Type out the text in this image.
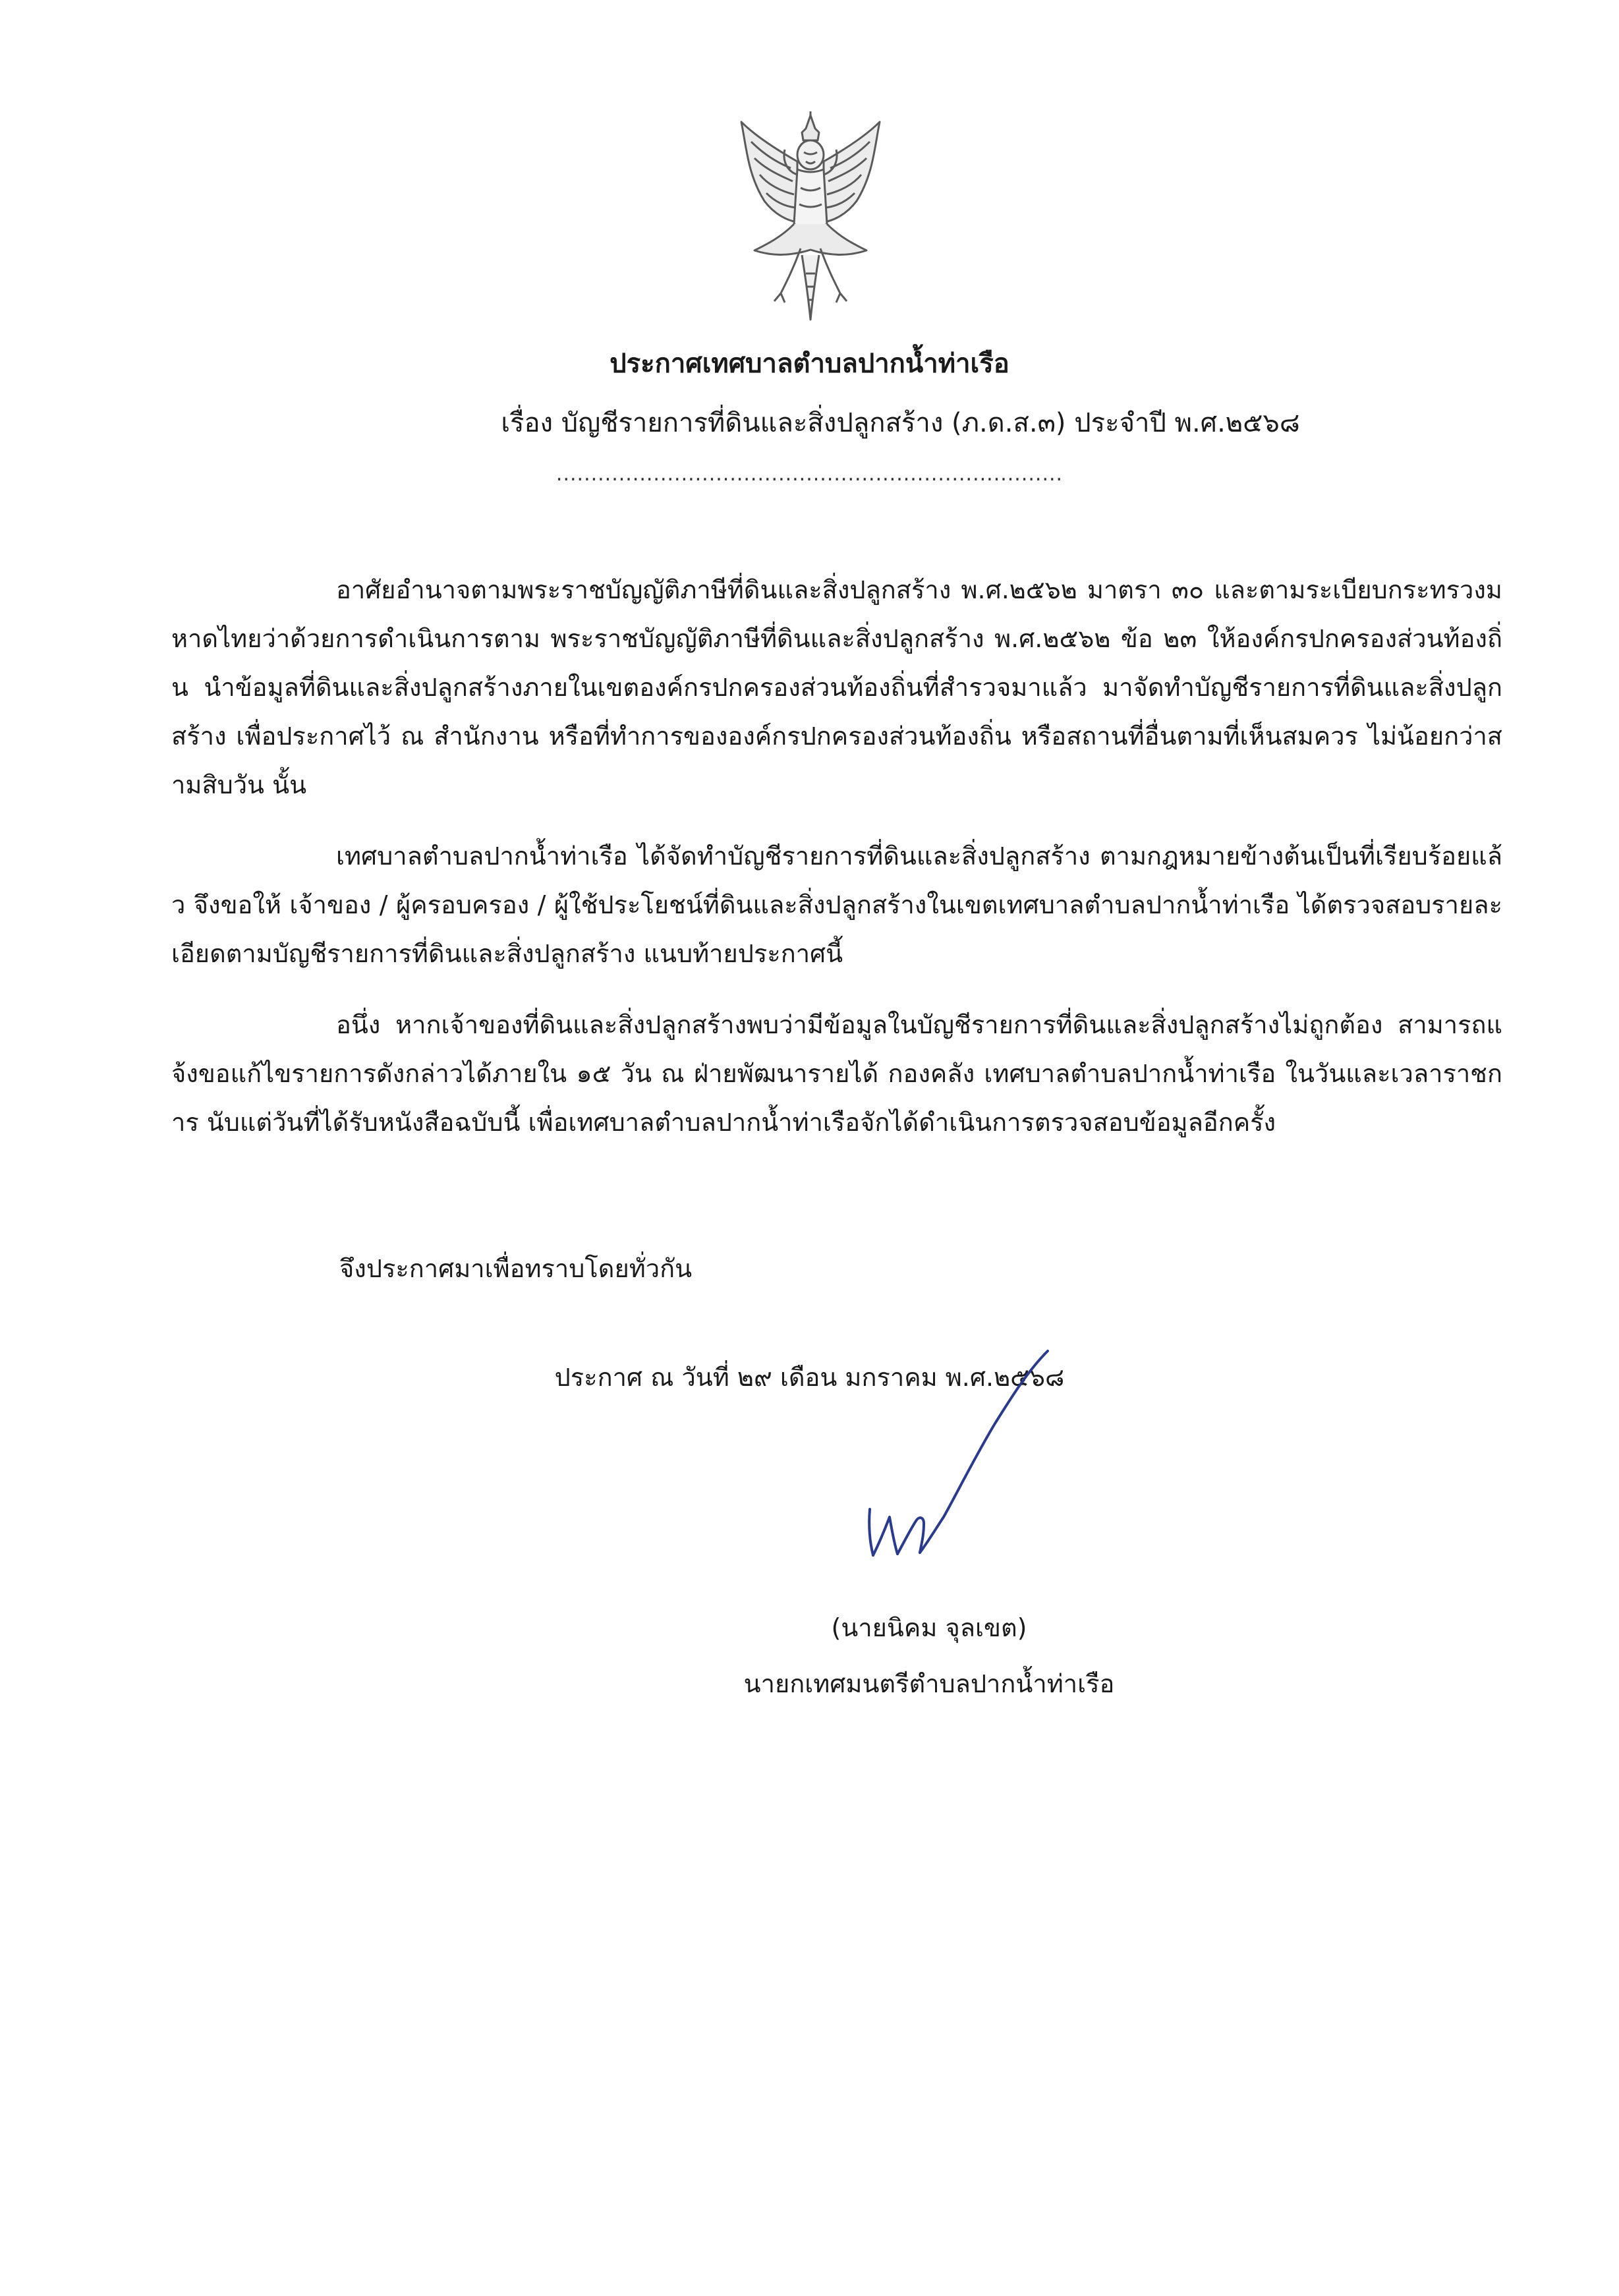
ประกาศเทศบาลตำบลปากน้ำท่าเรือ
เรื่อง บัญชีรายการที่ดินและสิ่งปลูกสร้าง (ภ.ด.ส.๓) ประจำปี พ.ศ.๒๕๖๘
.........................................................................

อาศัยอำนาจตามพระราชบัญญัติภาษีที่ดินและสิ่งปลูกสร้าง พ.ศ.๒๕๖๒ มาตรา ๓๐ และตามระเบียบกระทรวงมหาดไทยว่าด้วยการดำเนินการตาม พระราชบัญญัติภาษีที่ดินและสิ่งปลูกสร้าง พ.ศ.๒๕๖๒ ข้อ ๒๓ ให้องค์กรปกครองส่วนท้องถิ่น นำข้อมูลที่ดินและสิ่งปลูกสร้างภายในเขตองค์กรปกครองส่วนท้องถิ่นที่สำรวจมาแล้ว มาจัดทำบัญชีรายการที่ดินและสิ่งปลูกสร้าง เพื่อประกาศไว้ ณ สำนักงาน หรือที่ทำการขององค์กรปกครองส่วนท้องถิ่น หรือสถานที่อื่นตามที่เห็นสมควร ไม่น้อยกว่าสามสิบวัน นั้น

เทศบาลตำบลปากน้ำท่าเรือ ได้จัดทำบัญชีรายการที่ดินและสิ่งปลูกสร้าง ตามกฎหมายข้างต้นเป็นที่เรียบร้อยแล้ว จึงขอให้ เจ้าของ / ผู้ครอบครอง / ผู้ใช้ประโยชน์ที่ดินและสิ่งปลูกสร้างในเขตเทศบาลตำบลปากน้ำท่าเรือ ได้ตรวจสอบรายละเอียดตามบัญชีรายการที่ดินและสิ่งปลูกสร้าง แนบท้ายประกาศนี้

อนึ่ง หากเจ้าของที่ดินและสิ่งปลูกสร้างพบว่ามีข้อมูลในบัญชีรายการที่ดินและสิ่งปลูกสร้างไม่ถูกต้อง สามารถแจ้งขอแก้ไขรายการดังกล่าวได้ภายใน ๑๕ วัน ณ ฝ่ายพัฒนารายได้ กองคลัง เทศบาลตำบลปากน้ำท่าเรือ ในวันและเวลาราชการ นับแต่วันที่ได้รับหนังสือฉบับนี้ เพื่อเทศบาลตำบลปากน้ำท่าเรือจักได้ดำเนินการตรวจสอบข้อมูลอีกครั้ง

จึงประกาศมาเพื่อทราบโดยทั่วกัน
ประกาศ ณ วันที่ ๒๙ เดือน มกราคม พ.ศ.๒๕๖๘
(นายนิคม จุลเขต)
นายกเทศมนตรีตำบลปากน้ำท่าเรือ
